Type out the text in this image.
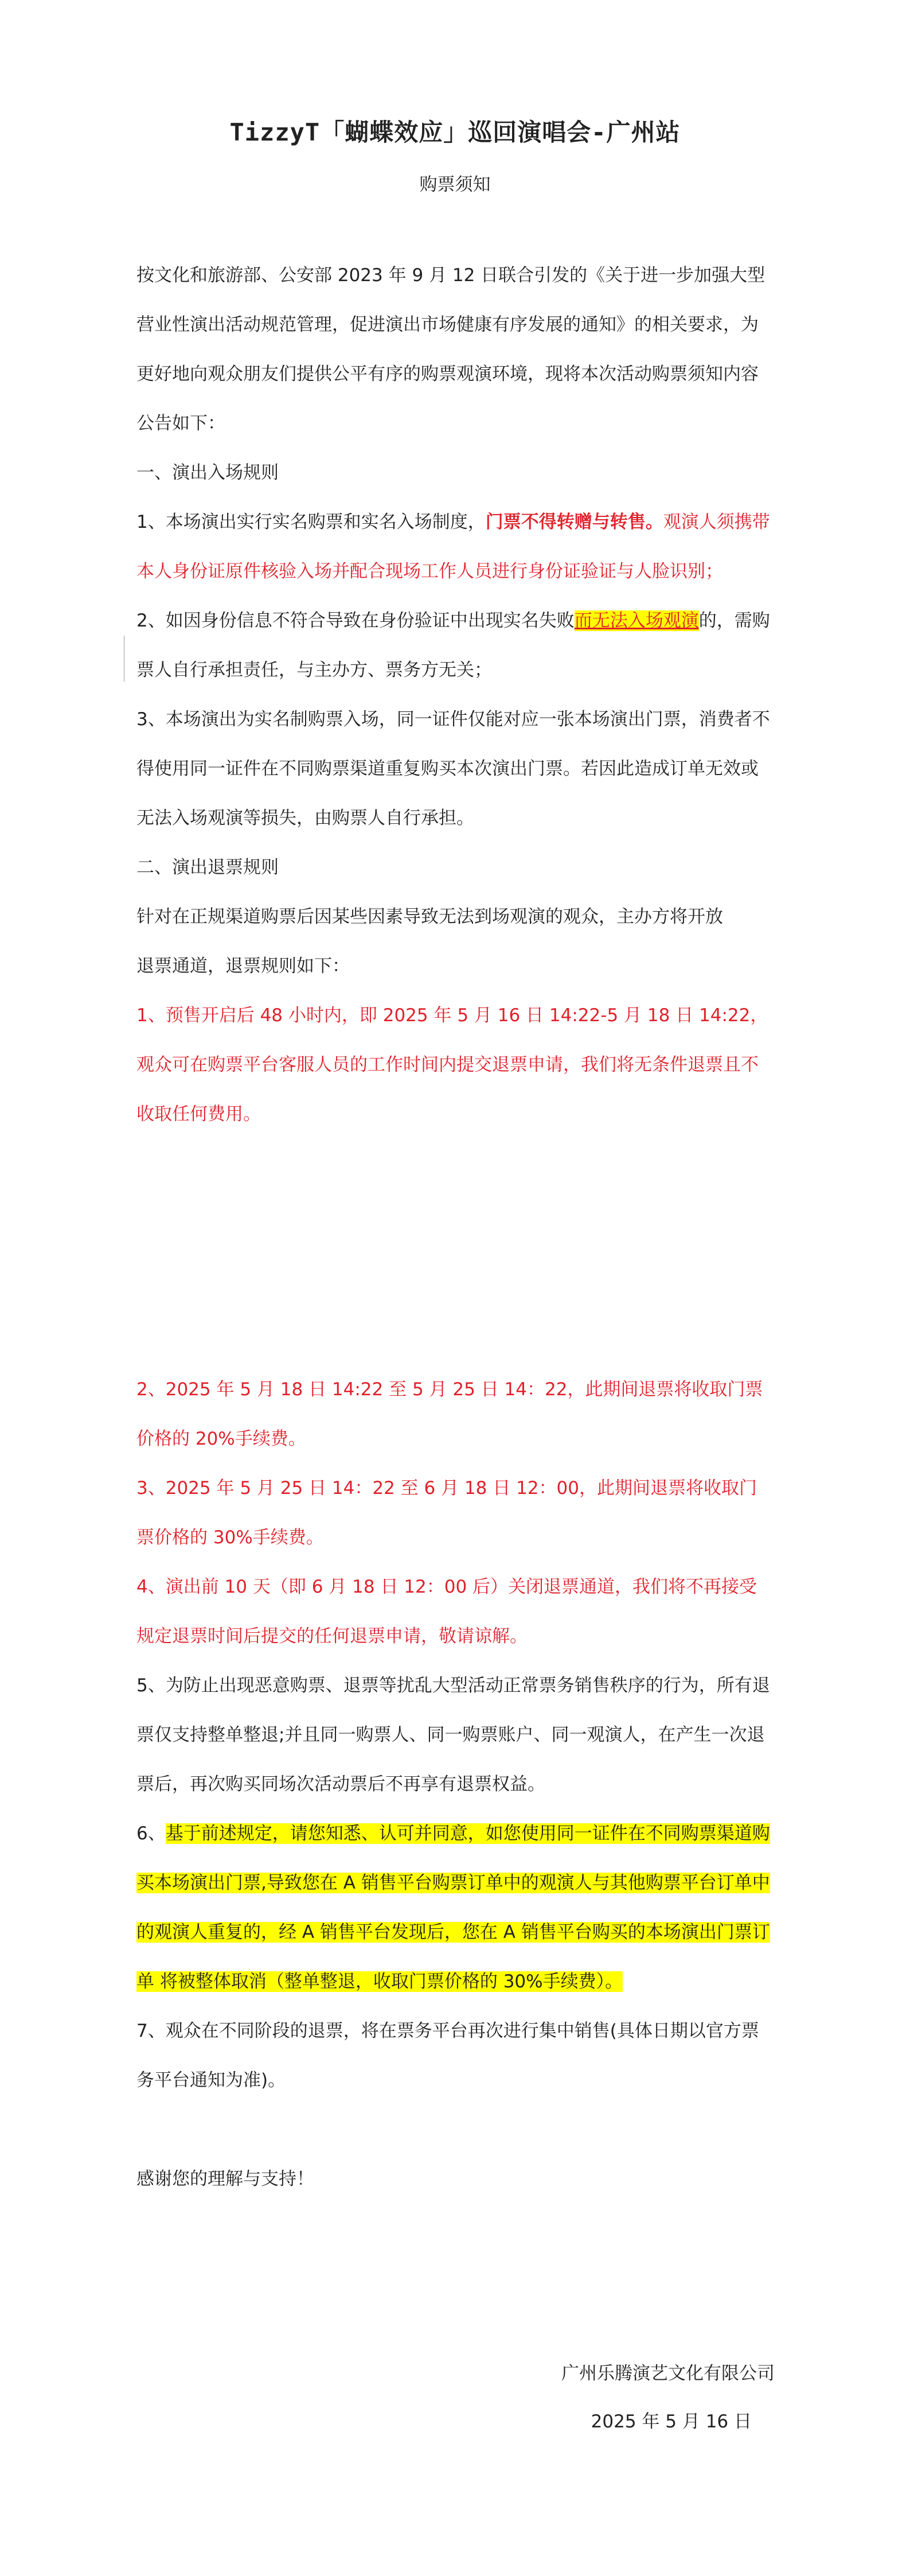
TizzyT「蝴蝶效应」巡回演唱会-广州站
购票须知

按文化和旅游部、公安部 2023 年 9 月 12 日联合引发的《关于进一步加强大型营业性演出活动规范管理，促进演出市场健康有序发展的通知》的相关要求，为更好地向观众朋友们提供公平有序的购票观演环境，现将本次活动购票须知内容公告如下：

一、演出入场规则

1、本场演出实行实名购票和实名入场制度，门票不得转赠与转售。观演人须携带本人身份证原件核验入场并配合现场工作人员进行身份证验证与人脸识别；

2、如因身份信息不符合导致在身份验证中出现实名失败而无法入场观演的，需购票人自行承担责任，与主办方、票务方无关；

3、本场演出为实名制购票入场，同一证件仅能对应一张本场演出门票，消费者不得使用同一证件在不同购票渠道重复购买本次演出门票。若因此造成订单无效或无法入场观演等损失，由购票人自行承担。

二、演出退票规则

针对在正规渠道购票后因某些因素导致无法到场观演的观众，主办方将开放

退票通道，退票规则如下：

1、预售开启后 48 小时内，即 2025 年 5 月 16 日 14:22-5 月 18 日 14:22，观众可在购票平台客服人员的工作时间内提交退票申请，我们将无条件退票且不收取任何费用。

2、2025 年 5 月 18 日 14:22 至 5 月 25 日 14：22，此期间退票将收取门票价格的 20%手续费。

3、2025 年 5 月 25 日 14：22 至 6 月 18 日 12：00，此期间退票将收取门票价格的 30%手续费。

4、演出前 10 天（即 6 月 18 日 12：00 后）关闭退票通道，我们将不再接受规定退票时间后提交的任何退票申请，敬请谅解。

5、为防止出现恶意购票、退票等扰乱大型活动正常票务销售秩序的行为，所有退票仅支持整单整退;并且同一购票人、同一购票账户、同一观演人，在产生一次退票后，再次购买同场次活动票后不再享有退票权益。

6、基于前述规定，请您知悉、认可并同意，如您使用同一证件在不同购票渠道购买本场演出门票,导致您在 A 销售平台购票订单中的观演人与其他购票平台订单中的观演人重复的，经 A 销售平台发现后，您在 A 销售平台购买的本场演出门票订单 将被整体取消（整单整退，收取门票价格的 30%手续费）。

7、观众在不同阶段的退票，将在票务平台再次进行集中销售(具体日期以官方票务平台通知为准)。

感谢您的理解与支持！

广州乐腾演艺文化有限公司

2025 年 5 月 16 日
